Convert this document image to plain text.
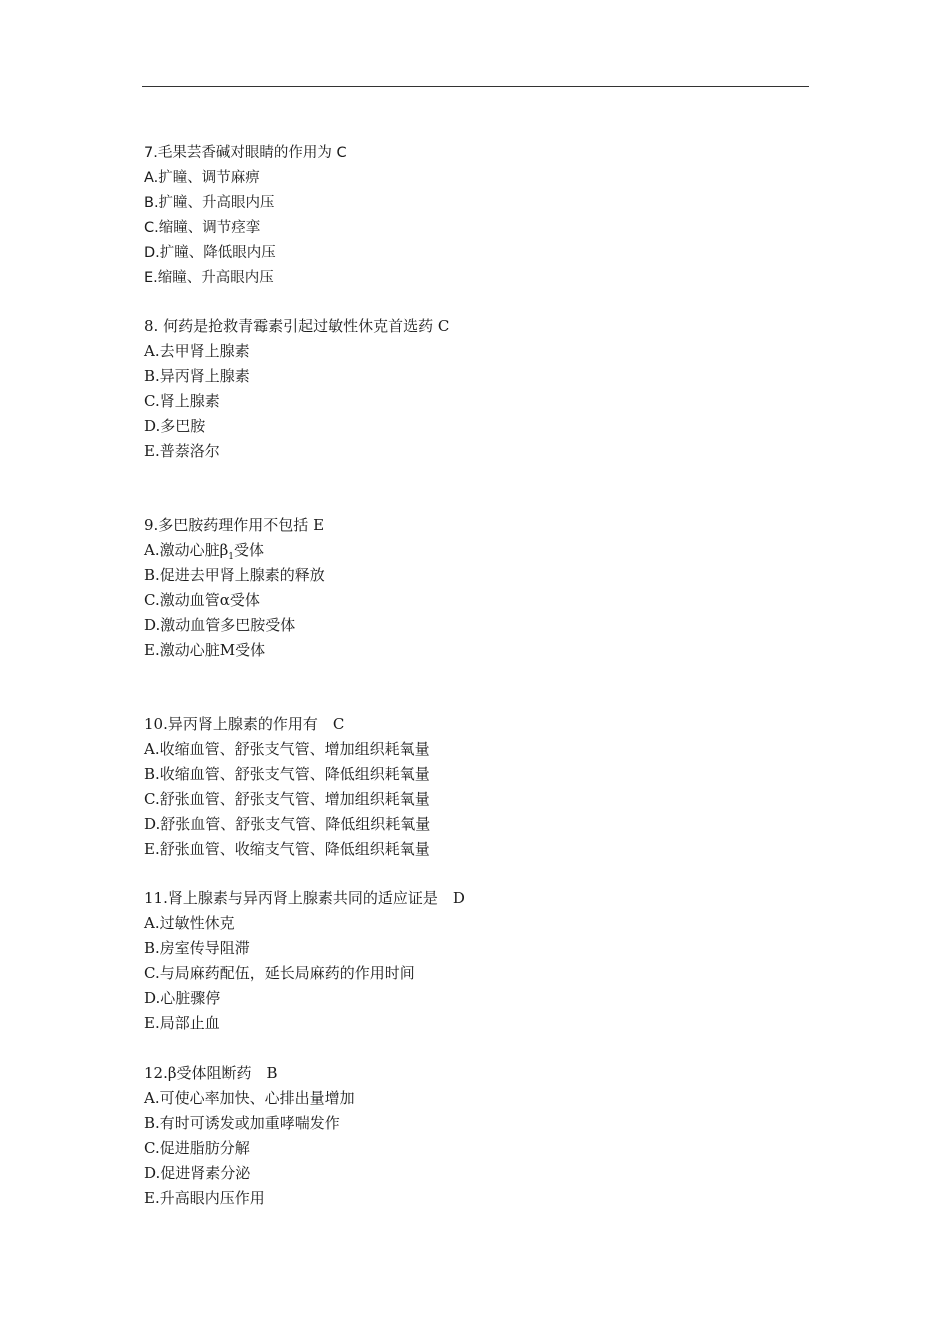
7.毛果芸香碱对眼睛的作用为 C
A.扩瞳、调节麻痹
B.扩瞳、升高眼内压
C.缩瞳、调节痉挛
D.扩瞳、降低眼内压
E.缩瞳、升高眼内压
8. 何药是抢救青霉素引起过敏性休克首选药 C
A.去甲肾上腺素
B.异丙肾上腺素
C.肾上腺素
D.多巴胺
E.普萘洛尔
9.多巴胺药理作用不包括 E
A.激动心脏$\beta_1$受体
B.促进去甲肾上腺素的释放
C.激动血管α受体
D.激动血管多巴胺受体
E.激动心脏M受体
10.异丙肾上腺素的作用有　C
A.收缩血管、舒张支气管、增加组织耗氧量
B.收缩血管、舒张支气管、降低组织耗氧量
C.舒张血管、舒张支气管、增加组织耗氧量
D.舒张血管、舒张支气管、降低组织耗氧量
E.舒张血管、收缩支气管、降低组织耗氧量
11.肾上腺素与异丙肾上腺素共同的适应证是　D
A.过敏性休克
B.房室传导阻滞
C.与局麻药配伍，延长局麻药的作用时间
D.心脏骤停
E.局部止血
12.β受体阻断药　B
A.可使心率加快、心排出量增加
B.有时可诱发或加重哮喘发作
C.促进脂肪分解
D.促进肾素分泌
E.升高眼内压作用
